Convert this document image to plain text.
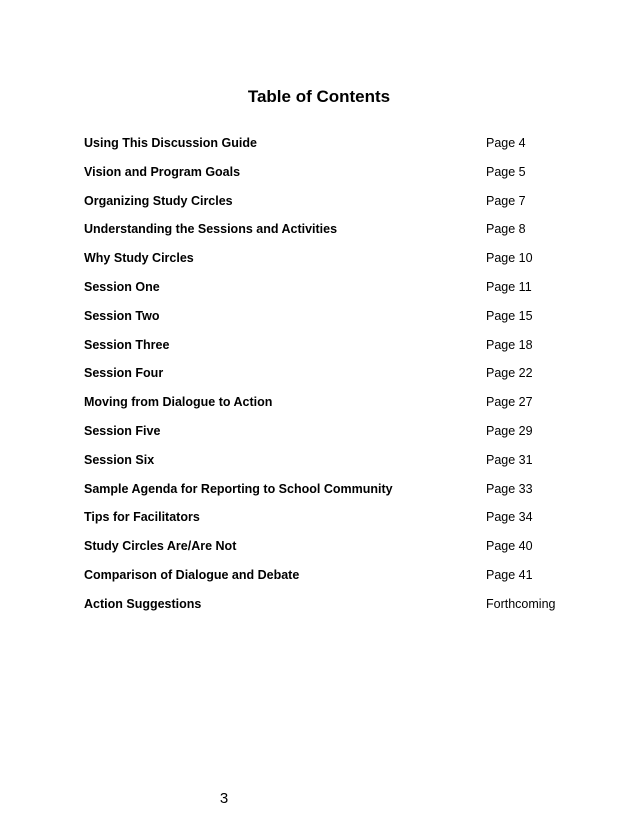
Table of Contents
Using This Discussion Guide	Page 4
Vision and Program Goals	Page 5
Organizing Study Circles	Page 7
Understanding the Sessions and Activities	Page 8
Why Study Circles	Page 10
Session One	Page 11
Session Two	Page 15
Session Three	Page 18
Session Four	Page 22
Moving from Dialogue to Action	Page 27
Session Five	Page 29
Session Six	Page 31
Sample Agenda for Reporting to School Community	Page 33
Tips for Facilitators	Page 34
Study Circles Are/Are Not	Page 40
Comparison of Dialogue and Debate	Page 41
Action Suggestions	Forthcoming
3
